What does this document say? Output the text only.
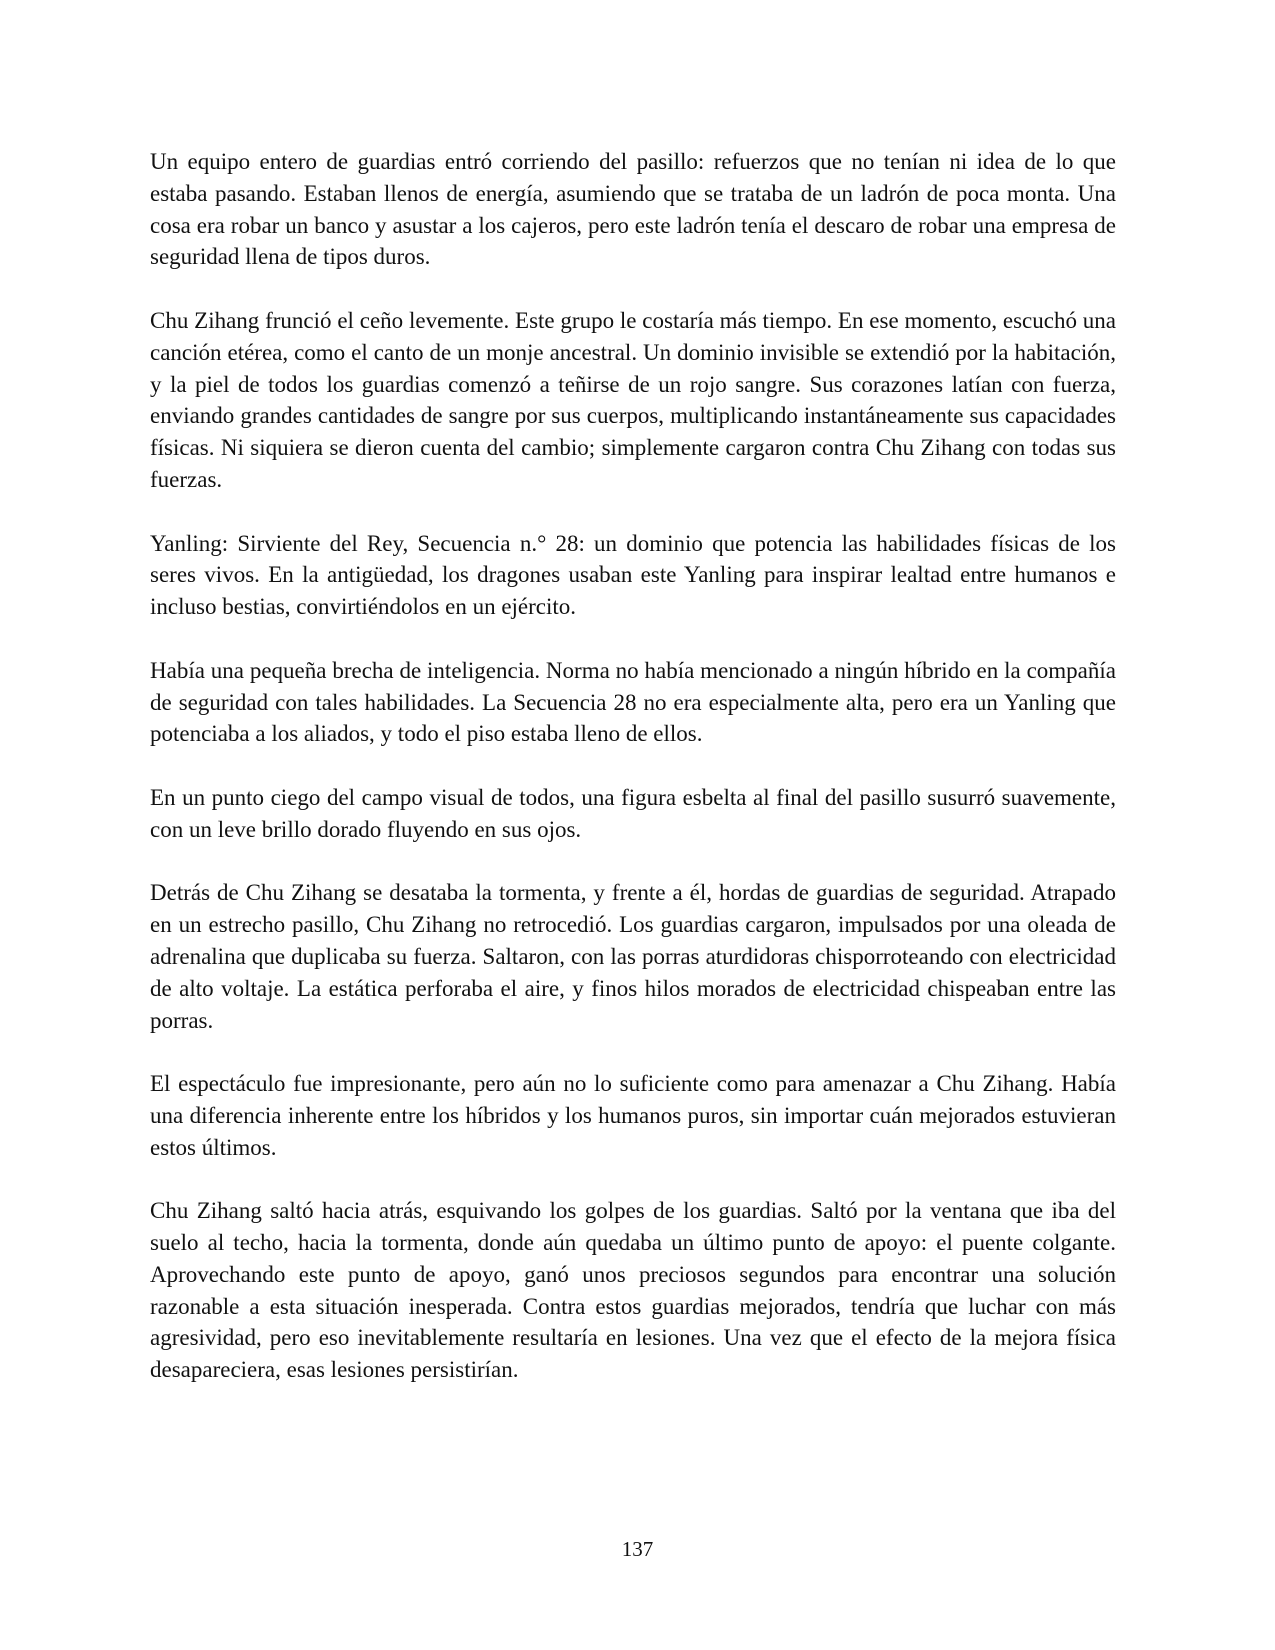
Un equipo entero de guardias entró corriendo del pasillo: refuerzos que no tenían ni idea de lo que estaba pasando. Estaban llenos de energía, asumiendo que se trataba de un ladrón de poca monta. Una cosa era robar un banco y asustar a los cajeros, pero este ladrón tenía el descaro de robar una empresa de seguridad llena de tipos duros.

Chu Zihang frunció el ceño levemente. Este grupo le costaría más tiempo. En ese momento, escuchó una canción etérea, como el canto de un monje ancestral. Un dominio invisible se extendió por la habitación, y la piel de todos los guardias comenzó a teñirse de un rojo sangre. Sus corazones latían con fuerza, enviando grandes cantidades de sangre por sus cuerpos, multiplicando instantáneamente sus capacidades físicas. Ni siquiera se dieron cuenta del cambio; simplemente cargaron contra Chu Zihang con todas sus fuerzas.

Yanling: Sirviente del Rey, Secuencia n.° 28: un dominio que potencia las habilidades físicas de los seres vivos. En la antigüedad, los dragones usaban este Yanling para inspirar lealtad entre humanos e incluso bestias, convirtiéndolos en un ejército.

Había una pequeña brecha de inteligencia. Norma no había mencionado a ningún híbrido en la compañía de seguridad con tales habilidades. La Secuencia 28 no era especialmente alta, pero era un Yanling que potenciaba a los aliados, y todo el piso estaba lleno de ellos.

En un punto ciego del campo visual de todos, una figura esbelta al final del pasillo susurró suavemente, con un leve brillo dorado fluyendo en sus ojos.

Detrás de Chu Zihang se desataba la tormenta, y frente a él, hordas de guardias de seguridad. Atrapado en un estrecho pasillo, Chu Zihang no retrocedió. Los guardias cargaron, impulsados por una oleada de adrenalina que duplicaba su fuerza. Saltaron, con las porras aturdidoras chisporroteando con electricidad de alto voltaje. La estática perforaba el aire, y finos hilos morados de electricidad chispeaban entre las porras.

El espectáculo fue impresionante, pero aún no lo suficiente como para amenazar a Chu Zihang. Había una diferencia inherente entre los híbridos y los humanos puros, sin importar cuán mejorados estuvieran estos últimos.

Chu Zihang saltó hacia atrás, esquivando los golpes de los guardias. Saltó por la ventana que iba del suelo al techo, hacia la tormenta, donde aún quedaba un último punto de apoyo: el puente colgante. Aprovechando este punto de apoyo, ganó unos preciosos segundos para encontrar una solución razonable a esta situación inesperada. Contra estos guardias mejorados, tendría que luchar con más agresividad, pero eso inevitablemente resultaría en lesiones. Una vez que el efecto de la mejora física desapareciera, esas lesiones persistirían.

137
